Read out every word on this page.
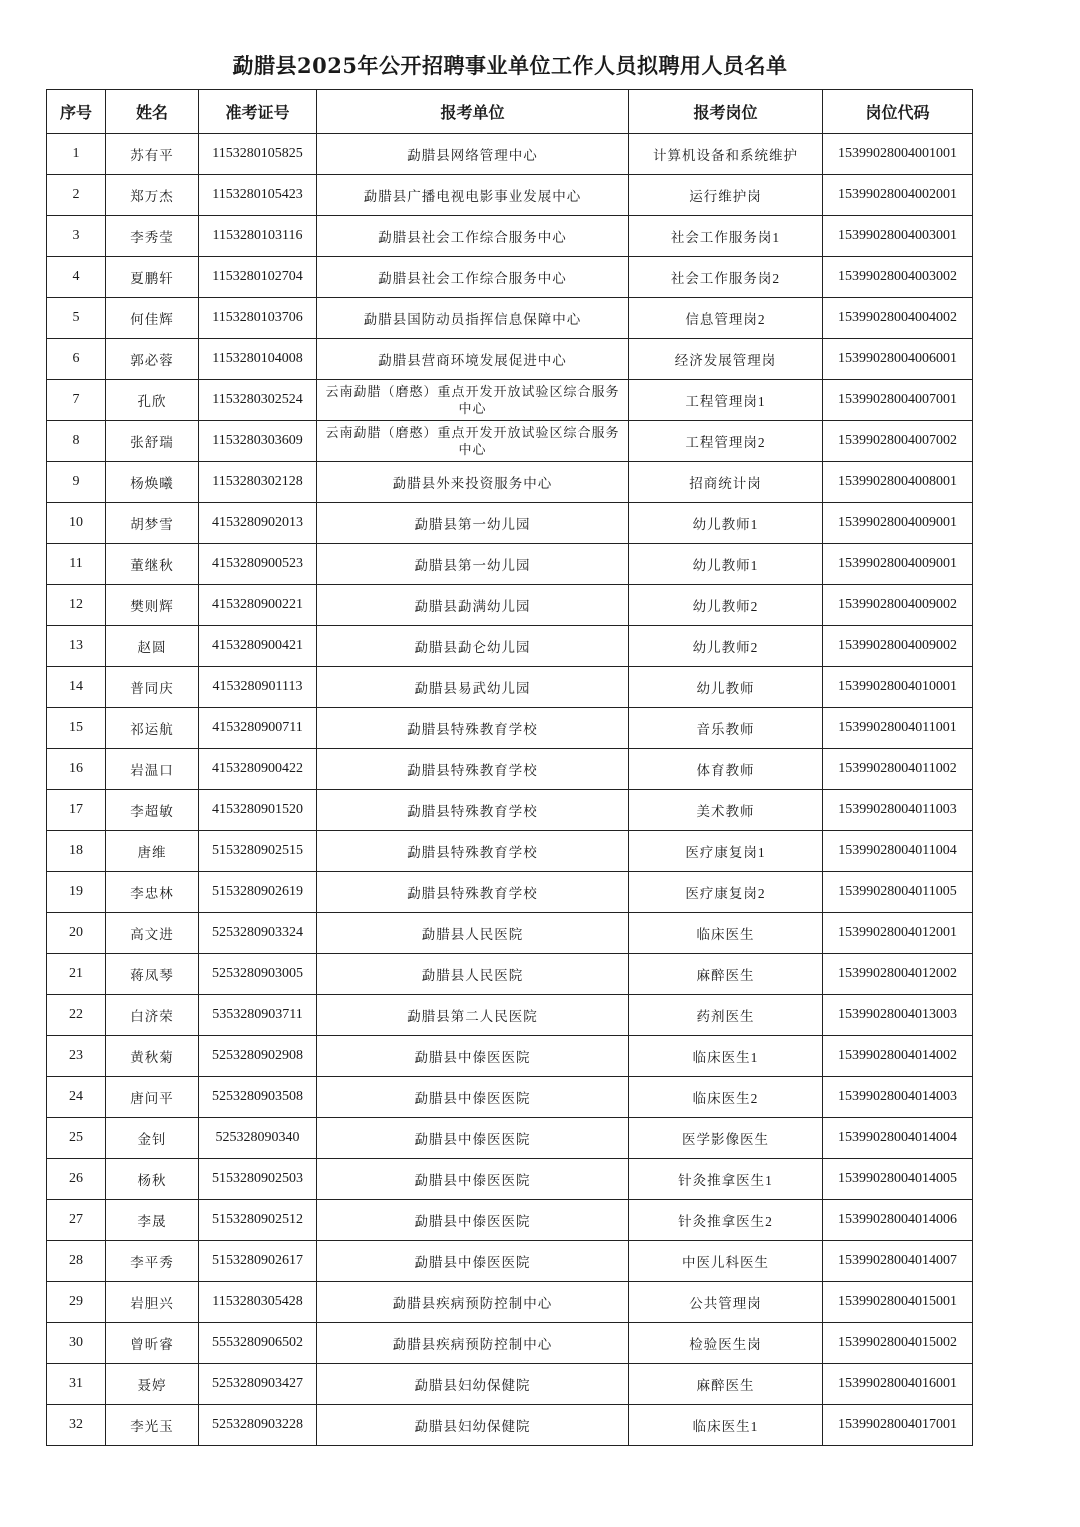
勐腊县2025年公开招聘事业单位工作人员拟聘用人员名单
序号	姓名	准考证号	报考单位	报考岗位	岗位代码
1	苏有平	1153280105825	勐腊县网络管理中心	计算机设备和系统维护	15399028004001001
2	郑万杰	1153280105423	勐腊县广播电视电影事业发展中心	运行维护岗	15399028004002001
3	李秀莹	1153280103116	勐腊县社会工作综合服务中心	社会工作服务岗1	15399028004003001
4	夏鹏轩	1153280102704	勐腊县社会工作综合服务中心	社会工作服务岗2	15399028004003002
5	何佳辉	1153280103706	勐腊县国防动员指挥信息保障中心	信息管理岗2	15399028004004002
6	郭必蓉	1153280104008	勐腊县营商环境发展促进中心	经济发展管理岗	15399028004006001
7	孔欣	1153280302524	云南勐腊（磨憨）重点开发开放试验区综合服务中心	工程管理岗1	15399028004007001
8	张舒瑞	1153280303609	云南勐腊（磨憨）重点开发开放试验区综合服务中心	工程管理岗2	15399028004007002
9	杨焕曦	1153280302128	勐腊县外来投资服务中心	招商统计岗	15399028004008001
10	胡梦雪	4153280902013	勐腊县第一幼儿园	幼儿教师1	15399028004009001
11	董继秋	4153280900523	勐腊县第一幼儿园	幼儿教师1	15399028004009001
12	樊则辉	4153280900221	勐腊县勐满幼儿园	幼儿教师2	15399028004009002
13	赵圆	4153280900421	勐腊县勐仑幼儿园	幼儿教师2	15399028004009002
14	普同庆	4153280901113	勐腊县易武幼儿园	幼儿教师	15399028004010001
15	祁运航	4153280900711	勐腊县特殊教育学校	音乐教师	15399028004011001
16	岩温口	4153280900422	勐腊县特殊教育学校	体育教师	15399028004011002
17	李超敏	4153280901520	勐腊县特殊教育学校	美术教师	15399028004011003
18	唐维	5153280902515	勐腊县特殊教育学校	医疗康复岗1	15399028004011004
19	李忠林	5153280902619	勐腊县特殊教育学校	医疗康复岗2	15399028004011005
20	高文进	5253280903324	勐腊县人民医院	临床医生	15399028004012001
21	蒋凤琴	5253280903005	勐腊县人民医院	麻醉医生	15399028004012002
22	白济荣	5353280903711	勐腊县第二人民医院	药剂医生	15399028004013003
23	黄秋菊	5253280902908	勐腊县中傣医医院	临床医生1	15399028004014002
24	唐问平	5253280903508	勐腊县中傣医医院	临床医生2	15399028004014003
25	金钊	525328090340	勐腊县中傣医医院	医学影像医生	15399028004014004
26	杨秋	5153280902503	勐腊县中傣医医院	针灸推拿医生1	15399028004014005
27	李晟	5153280902512	勐腊县中傣医医院	针灸推拿医生2	15399028004014006
28	李平秀	5153280902617	勐腊县中傣医医院	中医儿科医生	15399028004014007
29	岩胆兴	1153280305428	勐腊县疾病预防控制中心	公共管理岗	15399028004015001
30	曾昕睿	5553280906502	勐腊县疾病预防控制中心	检验医生岗	15399028004015002
31	聂婷	5253280903427	勐腊县妇幼保健院	麻醉医生	15399028004016001
32	李光玉	5253280903228	勐腊县妇幼保健院	临床医生1	15399028004017001
